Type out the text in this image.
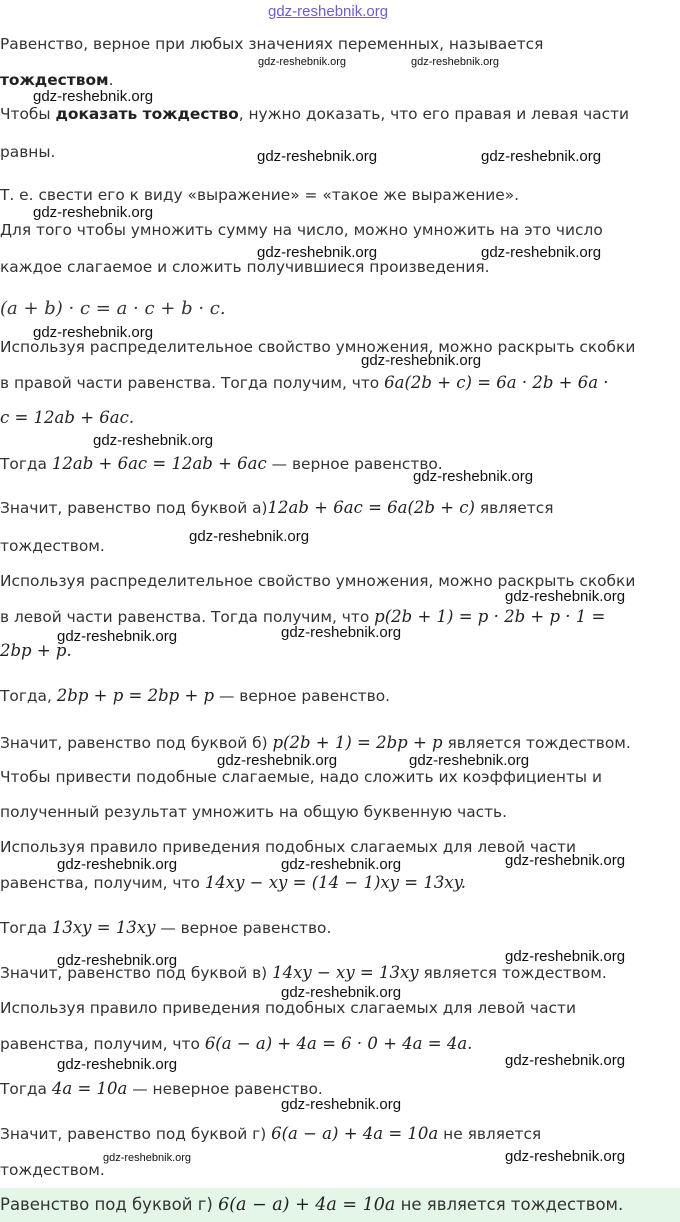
gdz-reshebnik.org
Равенство, верное при любых значениях переменных, называется
тождеством.
Чтобы доказать тождество, нужно доказать, что его правая и левая части
равны.
Т. е. свести его к виду «выражение» = «такое же выражение».
Для того чтобы умножить сумму на число, можно умножить на это число
каждое слагаемое и сложить получившиеся произведения.
(a + b) · c = a · c + b · c.
Используя распределительное свойство умножения, можно раскрыть скобки
в правой части равенства. Тогда получим, что 6a(2b + c) = 6a · 2b + 6a ·
c = 12ab + 6ac.
Тогда 12ab + 6ac = 12ab + 6ac — верное равенство.
Значит, равенство под буквой а)12ab + 6ac = 6a(2b + c) является
тождеством.
Используя распределительное свойство умножения, можно раскрыть скобки
в левой части равенства. Тогда получим, что p(2b + 1) = p · 2b + p · 1 =
2bp + p.
Тогда, 2bp + p = 2bp + p — верное равенство.
Значит, равенство под буквой б) p(2b + 1) = 2bp + p является тождеством.
Чтобы привести подобные слагаемые, надо сложить их коэффициенты и
полученный результат умножить на общую буквенную часть.
Используя правило приведения подобных слагаемых для левой части
равенства, получим, что 14xy − xy = (14 − 1)xy = 13xy.
Тогда 13xy = 13xy — верное равенство.
Значит, равенство под буквой в) 14xy − xy = 13xy является тождеством.
Используя правило приведения подобных слагаемых для левой части
равенства, получим, что 6(a − a) + 4a = 6 · 0 + 4a = 4a.
Тогда 4a = 10a — неверное равенство.
Значит, равенство под буквой г) 6(a − a) + 4a = 10a не является
тождеством.
Равенство под буквой г) 6(a − a) + 4a = 10a не является тождеством.
gdz-reshebnik.org	gdz-reshebnik.org
gdz-reshebnik.org
gdz-reshebnik.org	gdz-reshebnik.org
gdz-reshebnik.org
gdz-reshebnik.org	gdz-reshebnik.org
gdz-reshebnik.org
gdz-reshebnik.org
gdz-reshebnik.org
gdz-reshebnik.org
gdz-reshebnik.org
gdz-reshebnik.org
gdz-reshebnik.org
gdz-reshebnik.org
gdz-reshebnik.org	gdz-reshebnik.org
gdz-reshebnik.org
gdz-reshebnik.org	gdz-reshebnik.org
gdz-reshebnik.org
gdz-reshebnik.org
gdz-reshebnik.org
gdz-reshebnik.org
gdz-reshebnik.org
gdz-reshebnik.org
gdz-reshebnik.org	gdz-reshebnik.org
